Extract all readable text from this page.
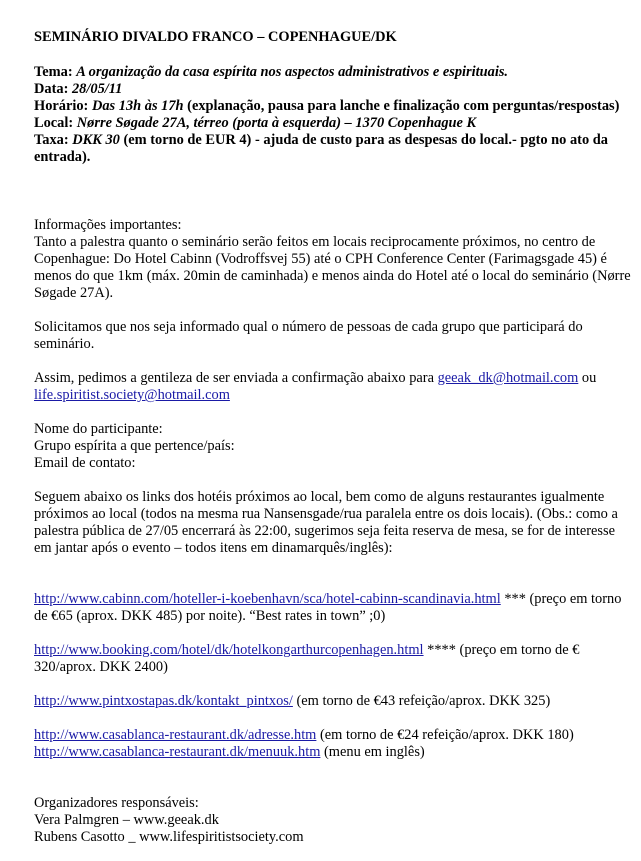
SEMINÁRIO DIVALDO FRANCO – COPENHAGUE/DK

Tema: A organização da casa espírita nos aspectos administrativos e espirituais.

Data: 28/05/11

Horário: Das 13h às 17h (explanação, pausa para lanche e finalização com perguntas/respostas)

Local: Nørre Søgade 27A, térreo (porta à esquerda) – 1370 Copenhague K

Taxa: DKK 30 (em torno de EUR 4) - ajuda de custo para as despesas do local.- pgto no ato da entrada).

Informações importantes:

Tanto a palestra quanto o seminário serão feitos em locais reciprocamente próximos, no centro de Copenhague: Do Hotel Cabinn (Vodroffsvej 55) até o CPH Conference Center (Farimagsgade 45) é menos do que 1km (máx. 20min de caminhada) e menos ainda do Hotel até o local do seminário (Nørre Søgade 27A).

Solicitamos que nos seja informado qual o número de pessoas de cada grupo que participará do seminário.

Assim, pedimos a gentileza de ser enviada a confirmação abaixo para geeak_dk@hotmail.com ou life.spiritist.society@hotmail.com

Nome do participante:

Grupo espírita a que pertence/país:

Email de contato:

Seguem abaixo os links dos hotéis próximos ao local, bem como de alguns restaurantes igualmente próximos ao local (todos na mesma rua Nansensgade/rua paralela entre os dois locais). (Obs.: como a palestra pública de 27/05 encerrará às 22:00, sugerimos seja feita reserva de mesa, se for de interesse em jantar após o evento – todos itens em dinamarquês/inglês):

http://www.cabinn.com/hoteller-i-koebenhavn/sca/hotel-cabinn-scandinavia.html *** (preço em torno de €65 (aprox. DKK 485) por noite). “Best rates in town” ;0)

http://www.booking.com/hotel/dk/hotelkongarthurcopenhagen.html **** (preço em torno de € 320/aprox. DKK 2400)

http://www.pintxostapas.dk/kontakt_pintxos/ (em torno de €43 refeição/aprox. DKK 325)

http://www.casablanca-restaurant.dk/adresse.htm (em torno de €24 refeição/aprox. DKK 180)

http://www.casablanca-restaurant.dk/menuuk.htm (menu em inglês)

Organizadores responsáveis:

Vera Palmgren – www.geeak.dk

Rubens Casotto _ www.lifespiritistsociety.com
